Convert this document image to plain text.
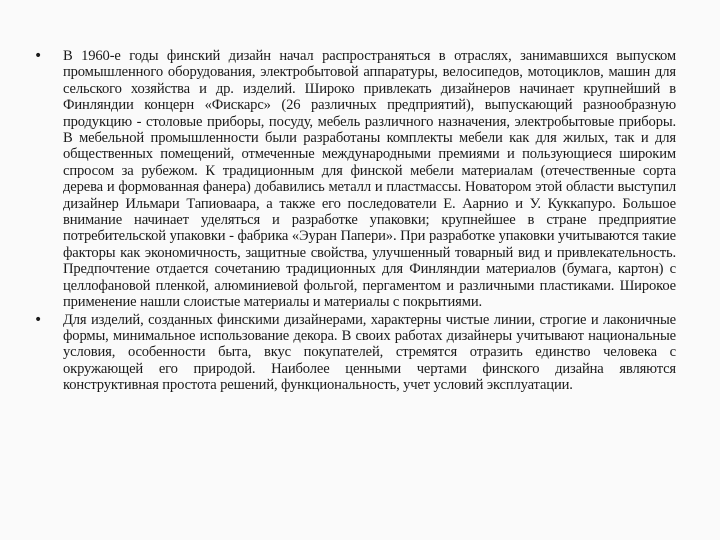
•	В 1960-е годы финский дизайн начал распространяться в отраслях, занимавшихся выпуском промышленного оборудования, электробытовой аппаратуры, велосипедов, мотоциклов, машин для сельского хозяйства и др. изделий. Широко привлекать дизайнеров начинает крупнейший в Финляндии концерн «Фискарс» (26 различных предприятий), выпускающий разнообразную продукцию - столовые приборы, посуду, мебель различного назначения, электробытовые приборы. В мебельной промышленности были разработаны комплекты мебели как для жилых, так и для общественных помещений, отмеченные международными премиями и пользующиеся широким спросом за рубежом. К традиционным для финской мебели материалам (отечественные сорта дерева и формованная фанера) добавились металл и пластмассы. Новатором этой области выступил дизайнер Ильмари Тапиоваара, а также его последователи Е. Аарнио и У. Куккапуро. Большое внимание начинает уделяться и разработке упаковки; крупнейшее в стране предприятие потребительской упаковки - фабрика «Эуран Папери». При разработке упаковки учитываются такие факторы как экономичность, защитные свойства, улучшенный товарный вид и привлекательность. Предпочтение отдается сочетанию традиционных для Финляндии материалов (бумага, картон) с целлофановой пленкой, алюминиевой фольгой, пергаментом и различными пластиками. Широкое применение нашли слоистые материалы и материалы с покрытиями.
•	Для изделий, созданных финскими дизайнерами, характерны чистые линии, строгие и лаконичные формы, минимальное использование декора. В своих работах дизайнеры учитывают национальные условия, особенности быта, вкус покупателей, стремятся отразить единство человека с окружающей его природой. Наиболее ценными чертами финского дизайна являются конструктивная простота решений, функциональность, учет условий эксплуатации.
